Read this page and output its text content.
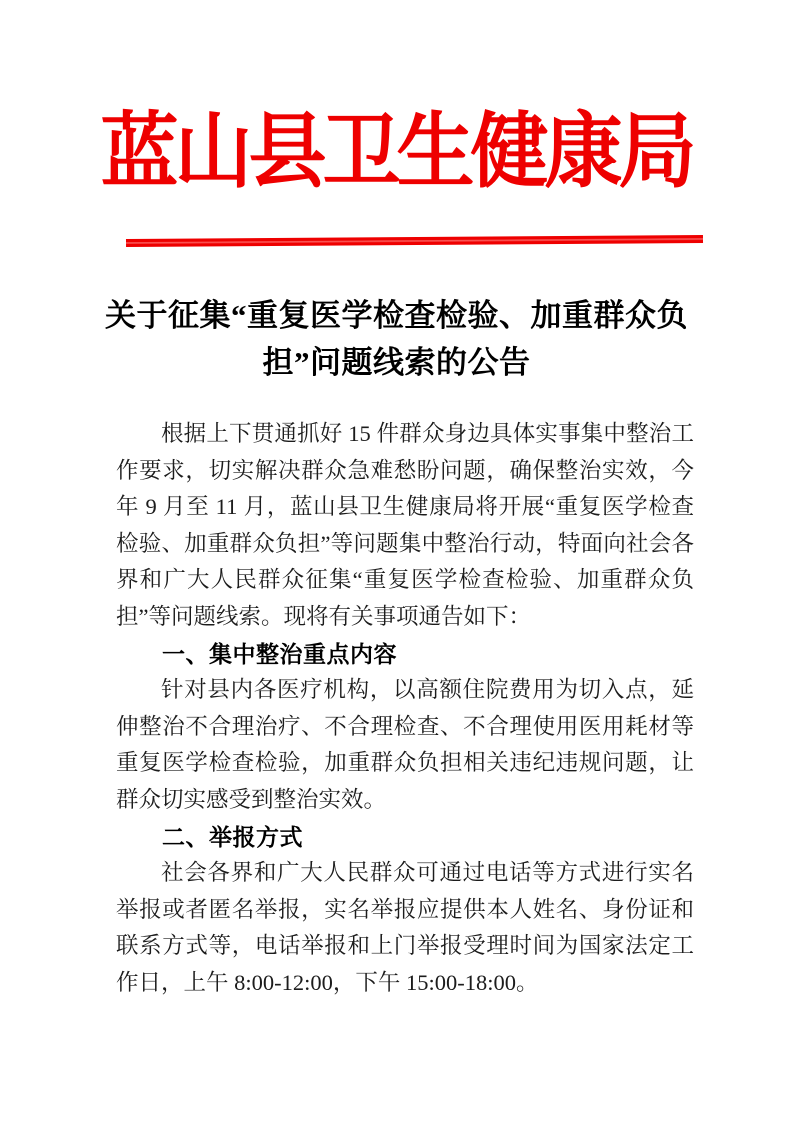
蓝山县卫生健康局
关于征集“重复医学检查检验、加重群众负担”问题线索的公告

根据上下贯通抓好 15 件群众身边具体实事集中整治工作要求，切实解决群众急难愁盼问题，确保整治实效，今年 9 月至 11 月，蓝山县卫生健康局将开展“重复医学检查检验、加重群众负担”等问题集中整治行动，特面向社会各界和广大人民群众征集“重复医学检查检验、加重群众负担”等问题线索。现将有关事项通告如下：

一、集中整治重点内容

针对县内各医疗机构，以高额住院费用为切入点，延伸整治不合理治疗、不合理检查、不合理使用医用耗材等重复医学检查检验，加重群众负担相关违纪违规问题，让群众切实感受到整治实效。

二、举报方式

社会各界和广大人民群众可通过电话等方式进行实名举报或者匿名举报，实名举报应提供本人姓名、身份证和联系方式等，电话举报和上门举报受理时间为国家法定工作日，上午 8:00-12:00，下午 15:00-18:00。
